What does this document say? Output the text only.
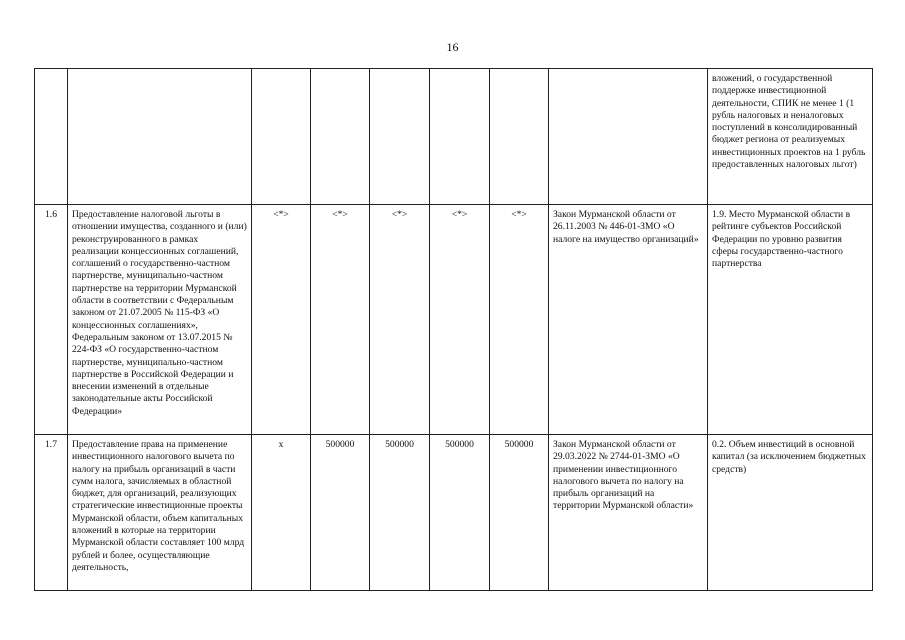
16
								вложений, о государственной поддержке инвестиционной деятельности, СПИК не менее 1 (1 рубль налоговых и неналоговых поступлений в консолидированный бюджет региона от реализуемых инвестиционных проектов на 1 рубль предоставленных налоговых льгот)
1.6	Предоставление налоговой льготы в отношении имущества, созданного и (или) реконструированного в рамках реализации концессионных соглашений, соглашений о государственно-частном партнерстве, муниципально-частном партнерстве на территории Мурманской области в соответствии с Федеральным законом от 21.07.2005 № 115-ФЗ «О концессионных соглашениях», Федеральным законом от 13.07.2015 № 224-ФЗ «О государственно-частном партнерстве, муниципально-частном партнерстве в Российской Федерации и внесении изменений в отдельные законодательные акты Российской Федерации»	<*>	<*>	<*>	<*>	<*>	Закон Мурманской области от 26.11.2003 № 446-01-ЗМО «О налоге на имущество организаций»	1.9. Место Мурманской области в рейтинге субъектов Российской Федерации по уровню развития сферы государственно-частного партнерства
1.7	Предоставление права на применение инвестиционного налогового вычета по налогу на прибыль организаций в части сумм налога, зачисляемых в областной бюджет, для организаций, реализующих стратегические инвестиционные проекты Мурманской области, объем капитальных вложений в которые на территории Мурманской области составляет 100 млрд рублей и более, осуществляющие деятельность,	х	500000	500000	500000	500000	Закон Мурманской области от 29.03.2022 № 2744-01-ЗМО «О применении инвестиционного налогового вычета по налогу на прибыль организаций на территории Мурманской области»	0.2. Объем инвестиций в основной капитал (за исключением бюджетных средств)
